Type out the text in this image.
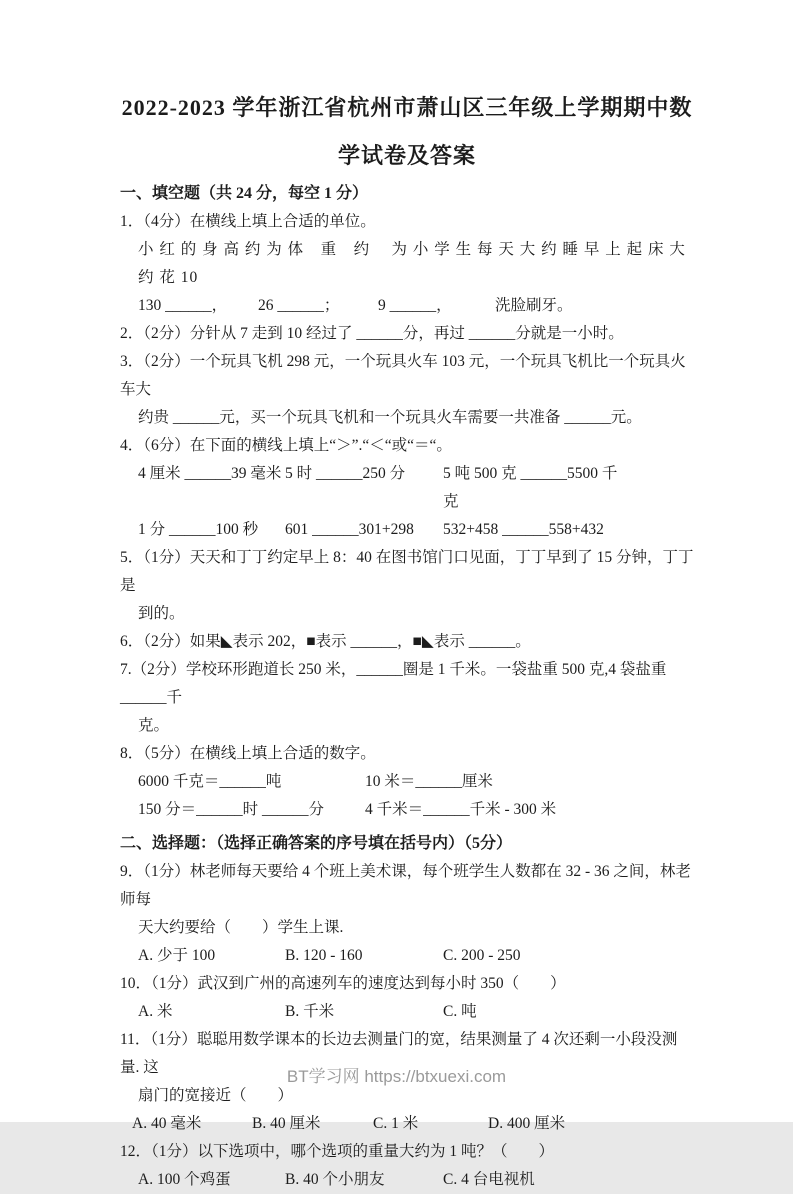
2022-2023 学年浙江省杭州市萧山区三年级上学期期中数学试卷及答案
一、填空题（共 24 分，每空 1 分）
1．（4分）在横线上填上合适的单位。
小 红 的 身 高 约 为 体　重　约　 为 小 学 生 每 天 大 约 睡 早 上 起 床 大 约 花 10
130 ______，	26 ______；	9 ______，	洗脸刷牙。
2．（2分）分针从 7 走到 10 经过了 ______分，再过 ______分就是一小时。
3．（2分）一个玩具飞机 298 元，一个玩具火车 103 元，一个玩具飞机比一个玩具火车大
约贵 ______元，买一个玩具飞机和一个玩具火车需要一共准备 ______元。
4．（6分）在下面的横线上填上“＞”.“＜“或“＝“。
4 厘米 ______39 毫米 5 时 ______250 分	5 吨 500 克 ______5500 千
克
1 分 ______100 秒	601 ______301+298	532+458 ______558+432
5．（1分）天天和丁丁约定早上 8：40 在图书馆门口见面，丁丁早到了 15 分钟，丁丁是
到的。
6．（2分）如果◣表示 202，■表示 ______，■◣表示 ______。
7.（2分）学校环形跑道长 250 米，______圈是 1 千米。一袋盐重 500 克,4 袋盐重 ______千
克。
8．（5分）在横线上填上合适的数字。
6000 千克＝______吨	10 米＝______厘米
150 分＝______时 ______分	4 千米＝______千米 - 300 米
二、选择题：（选择正确答案的序号填在括号内）（5分）
9．（1分）林老师每天要给 4 个班上美术课，每个班学生人数都在 32 - 36 之间，林老师每
天大约要给（　　）学生上课.
A. 少于 100	B. 120 - 160	C. 200 - 250
10．（1分）武汉到广州的高速列车的速度达到每小时 350（　　）
A. 米	B. 千米	C. 吨
11．（1分）聪聪用数学课本的长边去测量门的宽，结果测量了 4 次还剩一小段没测量. 这
扇门的宽接近（　　）
A. 40 毫米	B. 40 厘米	C. 1 米	D. 400 厘米
12．（1分）以下选项中，哪个选项的重量大约为 1 吨？（　　）
A. 100 个鸡蛋	B. 40 个小朋友	C. 4 台电视机
BT学习网 https://btxuexi.com
